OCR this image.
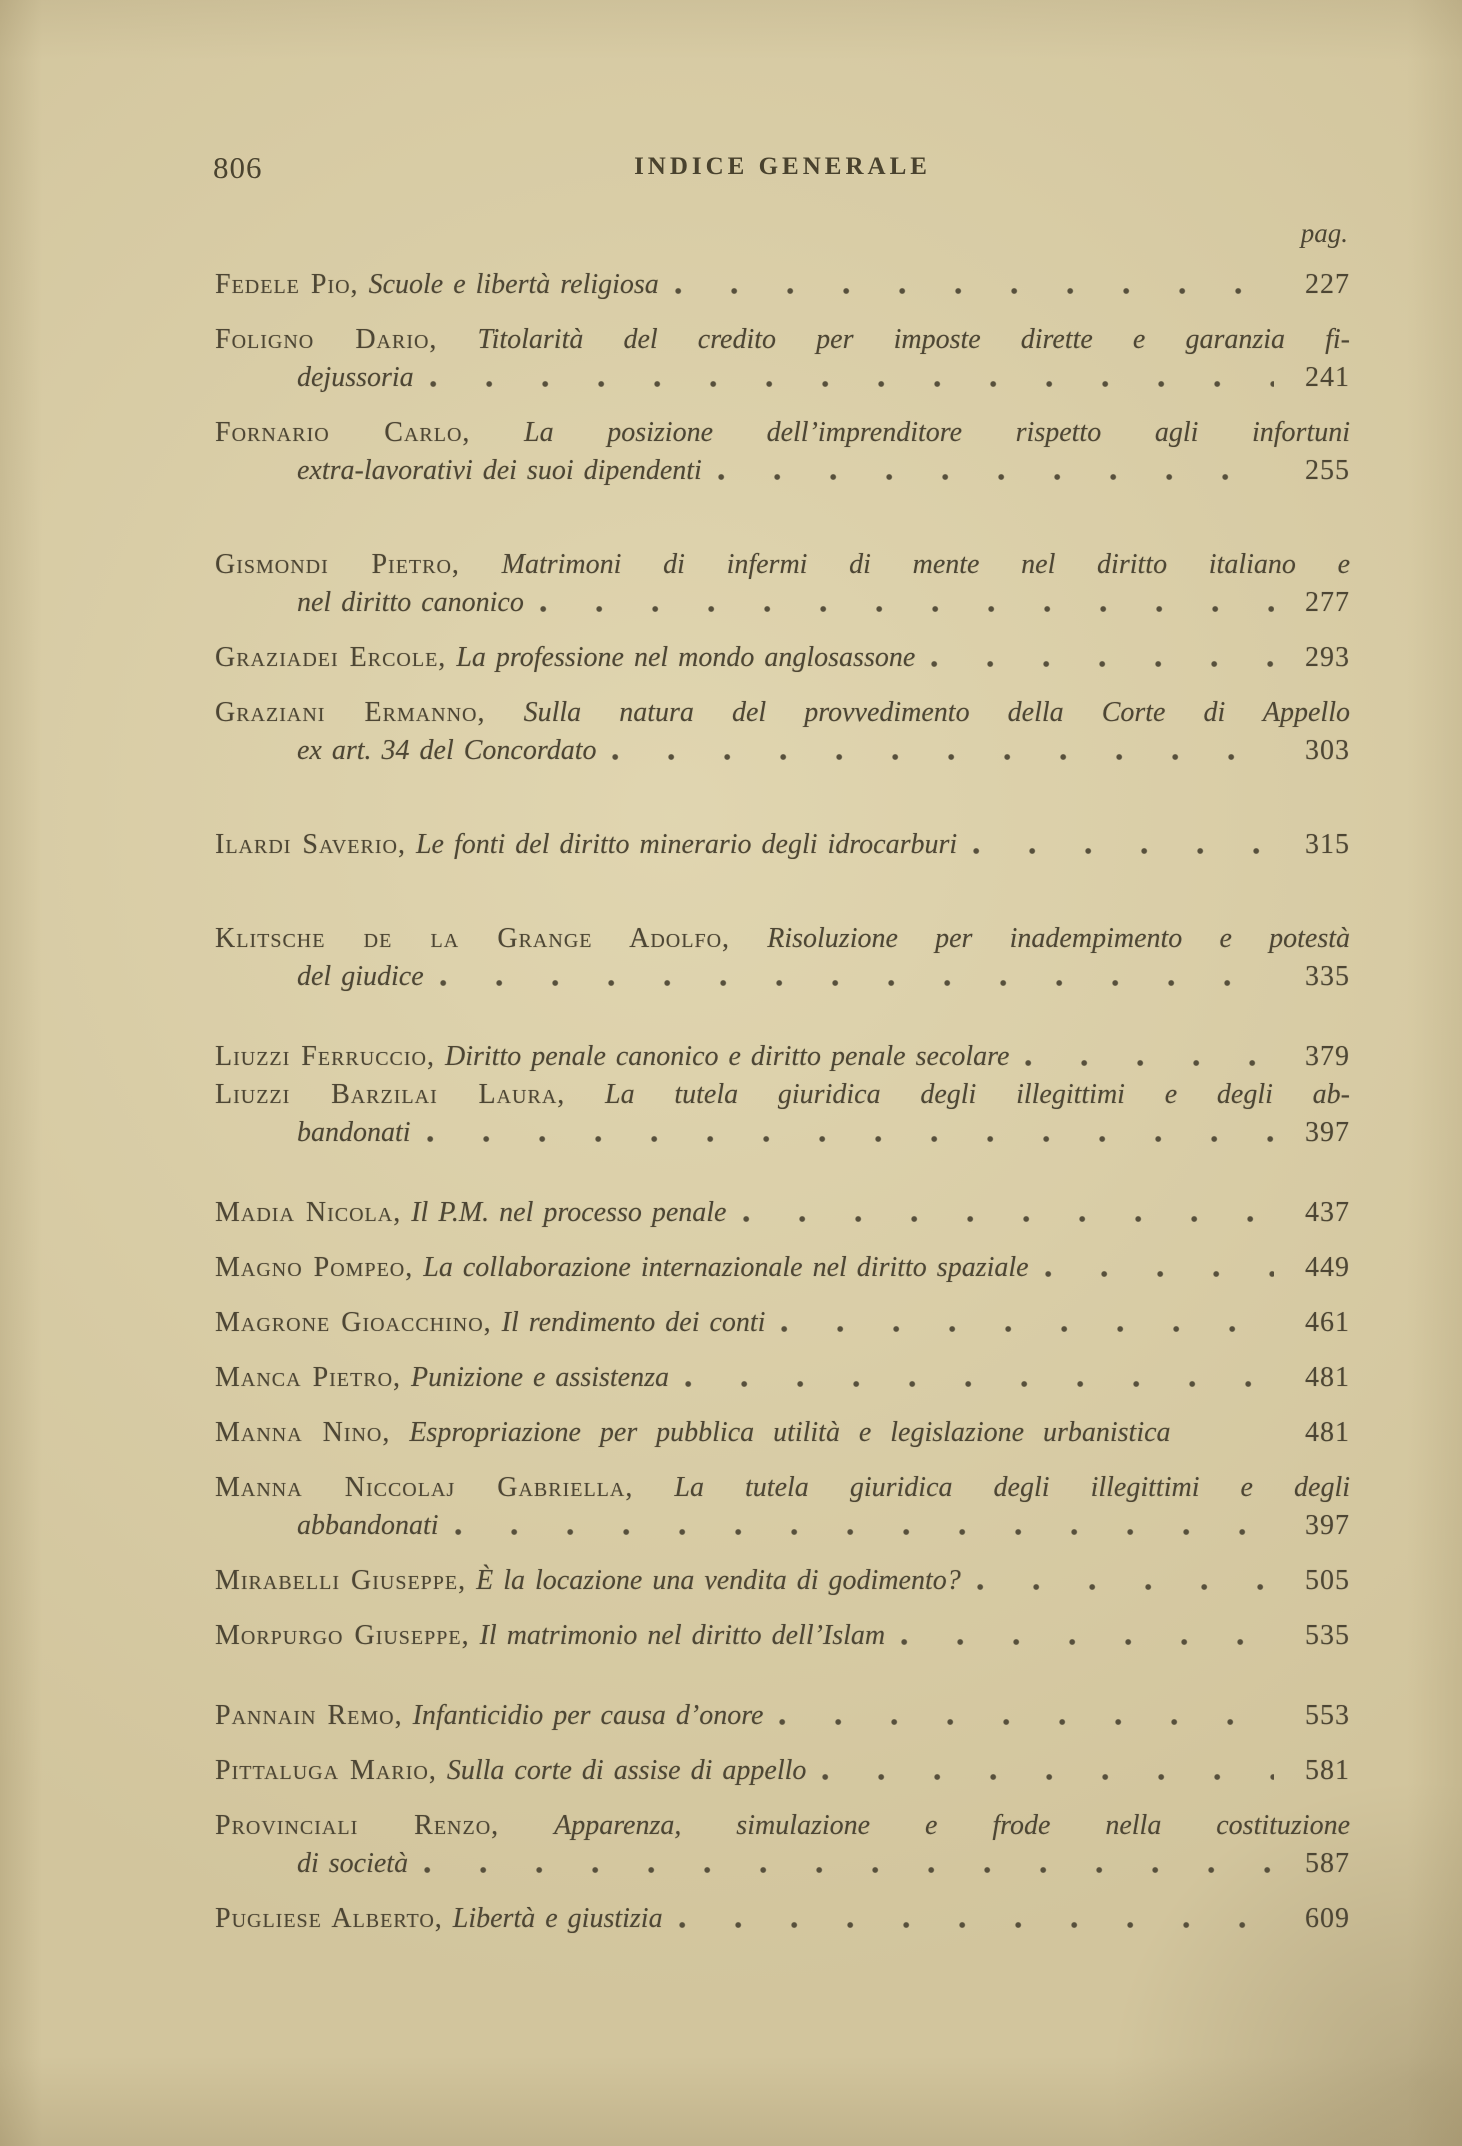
806	INDICE GENERALE
pag.
Fedele Pio, Scuole e libertà religiosa	227
Foligno Dario, Titolarità del credito per imposte dirette e garanzia fi-
dejussoria	241
Fornario Carlo, La posizione dell’imprenditore rispetto agli infortuni
extra-lavorativi dei suoi dipendenti	255
Gismondi Pietro, Matrimoni di infermi di mente nel diritto italiano e
nel diritto canonico	277
Graziadei Ercole, La professione nel mondo anglosassone	293
Graziani Ermanno, Sulla natura del provvedimento della Corte di Appello
ex art. 34 del Concordato	303
Ilardi Saverio, Le fonti del diritto minerario degli idrocarburi	315
Klitsche de la Grange Adolfo, Risoluzione per inadempimento e potestà
del giudice	335
Liuzzi Ferruccio, Diritto penale canonico e diritto penale secolare	379
Liuzzi Barzilai Laura, La tutela giuridica degli illegittimi e degli ab-
bandonati	397
Madia Nicola, Il P.M. nel processo penale	437
Magno Pompeo, La collaborazione internazionale nel diritto spaziale	449
Magrone Gioacchino, Il rendimento dei conti	461
Manca Pietro, Punizione e assistenza	481
Manna Nino, Espropriazione per pubblica utilità e legislazione urbanistica	481
Manna Niccolaj Gabriella, La tutela giuridica degli illegittimi e degli
abbandonati	397
Mirabelli Giuseppe, È la locazione una vendita di godimento?	505
Morpurgo Giuseppe, Il matrimonio nel diritto dell’Islam	535
Pannain Remo, Infanticidio per causa d’onore	553
Pittaluga Mario, Sulla corte di assise di appello	581
Provinciali Renzo, Apparenza, simulazione e frode nella costituzione
di società	587
Pugliese Alberto, Libertà e giustizia	609
